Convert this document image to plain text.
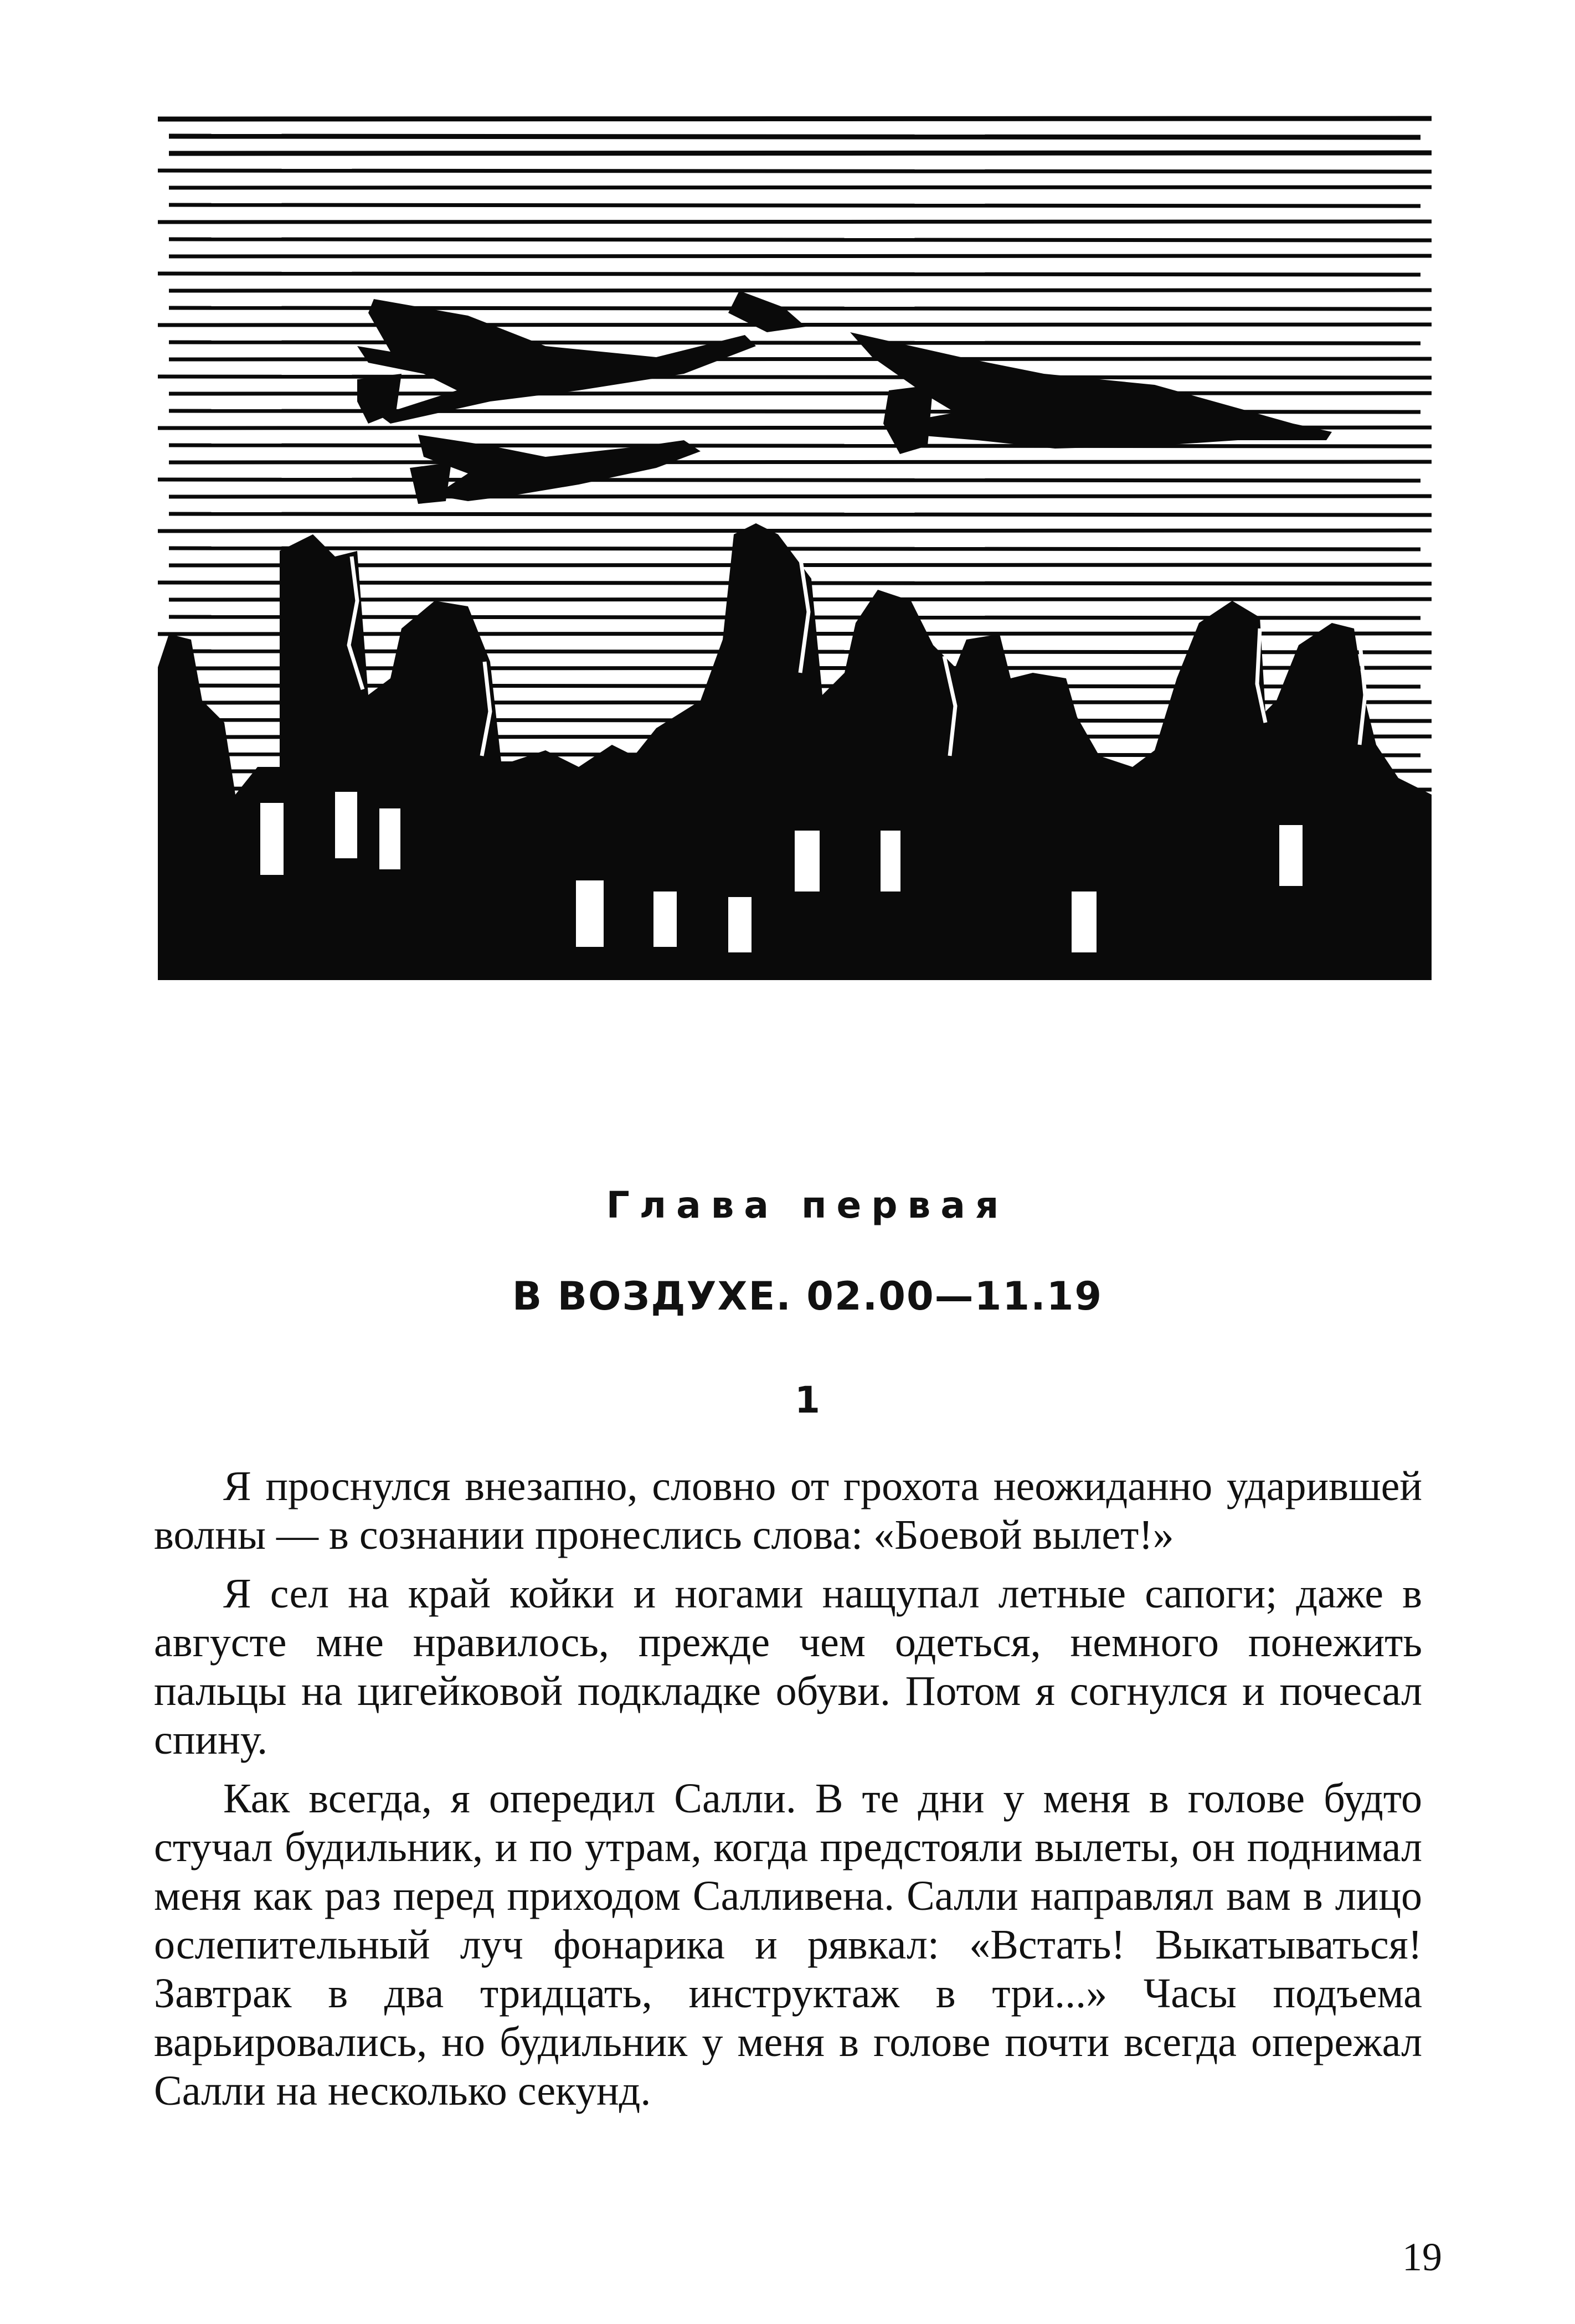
Глава первая
В ВОЗДУХЕ. 02.00—11.19
1

Я проснулся внезапно, словно от грохота неожиданно ударившей волны — в сознании пронеслись слова: «Боевой вылет!»

Я сел на край койки и ногами нащупал летные сапоги; даже в августе мне нравилось, прежде чем одеться, немного понежить пальцы на цигейковой подкладке обуви. Потом я согнулся и почесал спину.

Как всегда, я опередил Салли. В те дни у меня в голове будто стучал будильник, и по утрам, когда предстояли вылеты, он поднимал меня как раз перед приходом Салливена. Салли направлял вам в лицо ослепительный луч фонарика и рявкал: «Встать! Выкатываться! Завтрак в два тридцать, инструктаж в три...» Часы подъема варьировались, но будильник у меня в голове почти всегда опережал Салли на несколько секунд.

19
